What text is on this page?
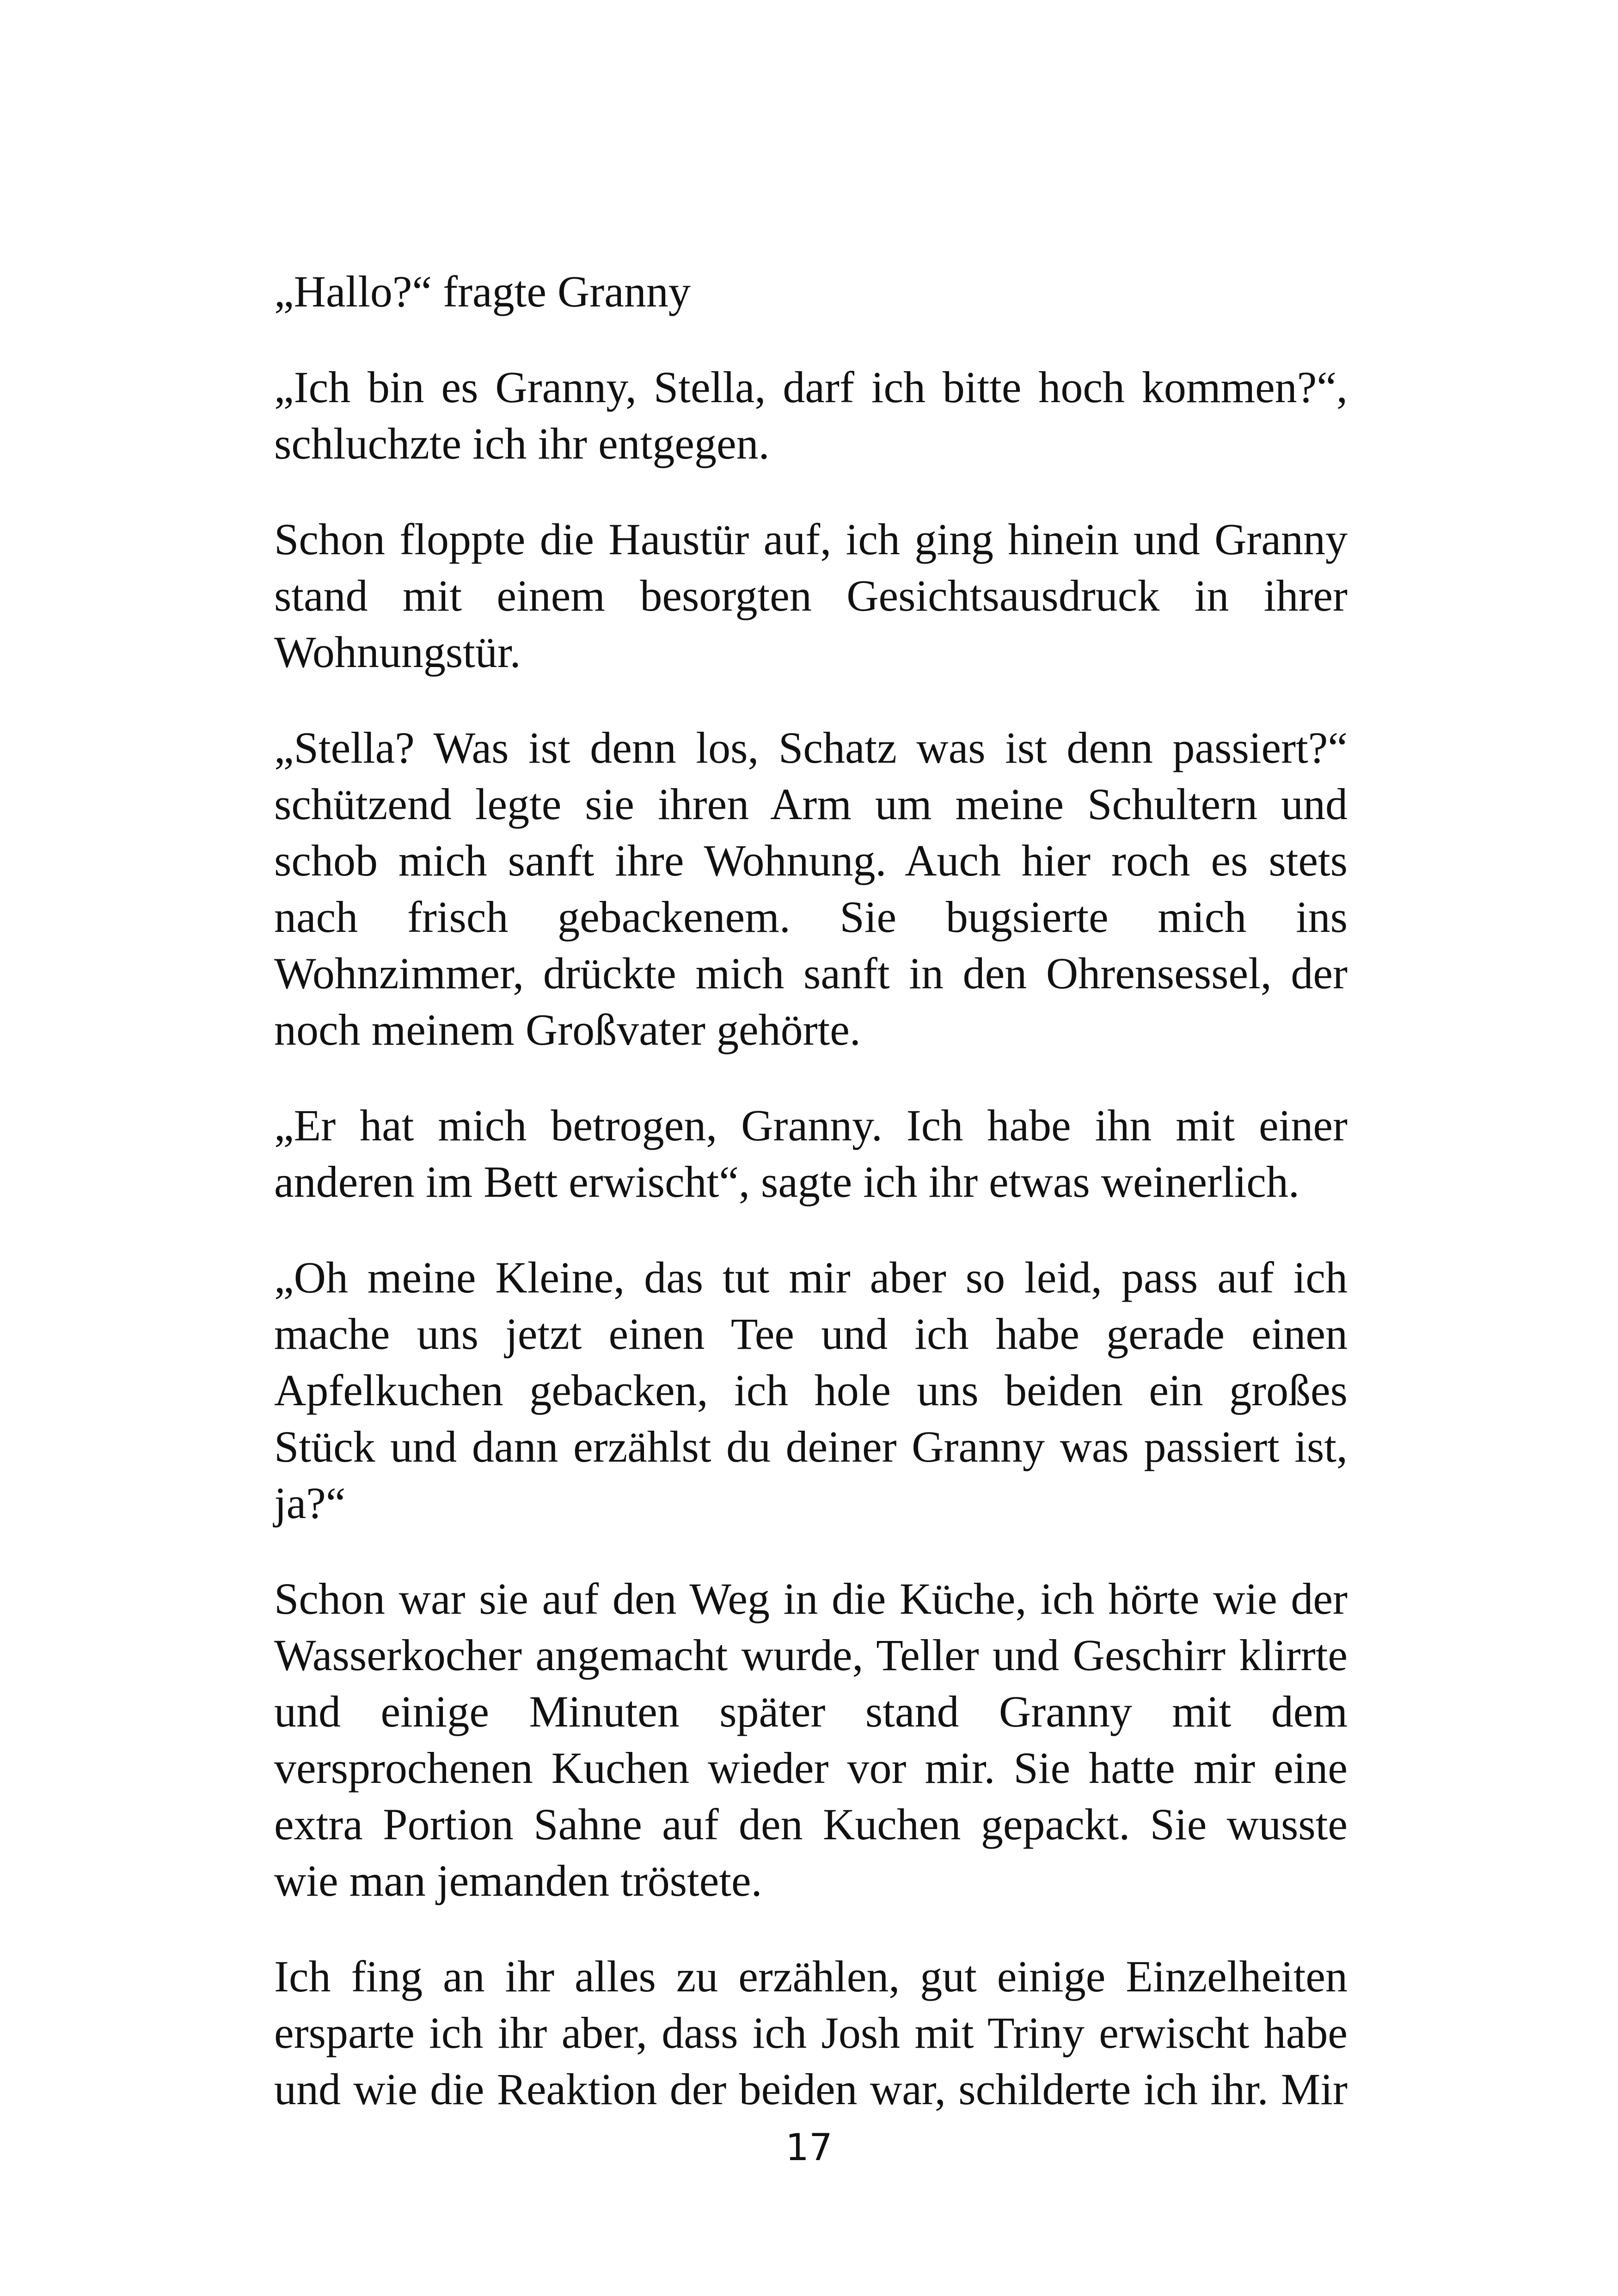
„Hallo?“ fragte Granny

„Ich bin es Granny, Stella, darf ich bitte hoch kommen?“, schluchzte ich ihr entgegen.

Schon floppte die Haustür auf, ich ging hinein und Granny stand mit einem besorgten Gesichtsausdruck in ihrer Wohnungstür.

„Stella? Was ist denn los, Schatz was ist denn passiert?“ schützend legte sie ihren Arm um meine Schultern und schob mich sanft ihre Wohnung. Auch hier roch es stets nach frisch gebackenem. Sie bugsierte mich ins Wohnzimmer, drückte mich sanft in den Ohrensessel, der noch meinem Großvater gehörte.

„Er hat mich betrogen, Granny. Ich habe ihn mit einer anderen im Bett erwischt“, sagte ich ihr etwas weinerlich.

„Oh meine Kleine, das tut mir aber so leid, pass auf ich mache uns jetzt einen Tee und ich habe gerade einen Apfelkuchen gebacken, ich hole uns beiden ein großes Stück und dann erzählst du deiner Granny was passiert ist, ja?“

Schon war sie auf den Weg in die Küche, ich hörte wie der Wasserkocher angemacht wurde, Teller und Geschirr klirrte und einige Minuten später stand Granny mit dem versprochenen Kuchen wieder vor mir. Sie hatte mir eine extra Portion Sahne auf den Kuchen gepackt. Sie wusste wie man jemanden tröstete.

Ich fing an ihr alles zu erzählen, gut einige Einzelheiten ersparte ich ihr aber, dass ich Josh mit Triny erwischt habe und wie die Reaktion der beiden war, schilderte ich ihr. Mir

17
